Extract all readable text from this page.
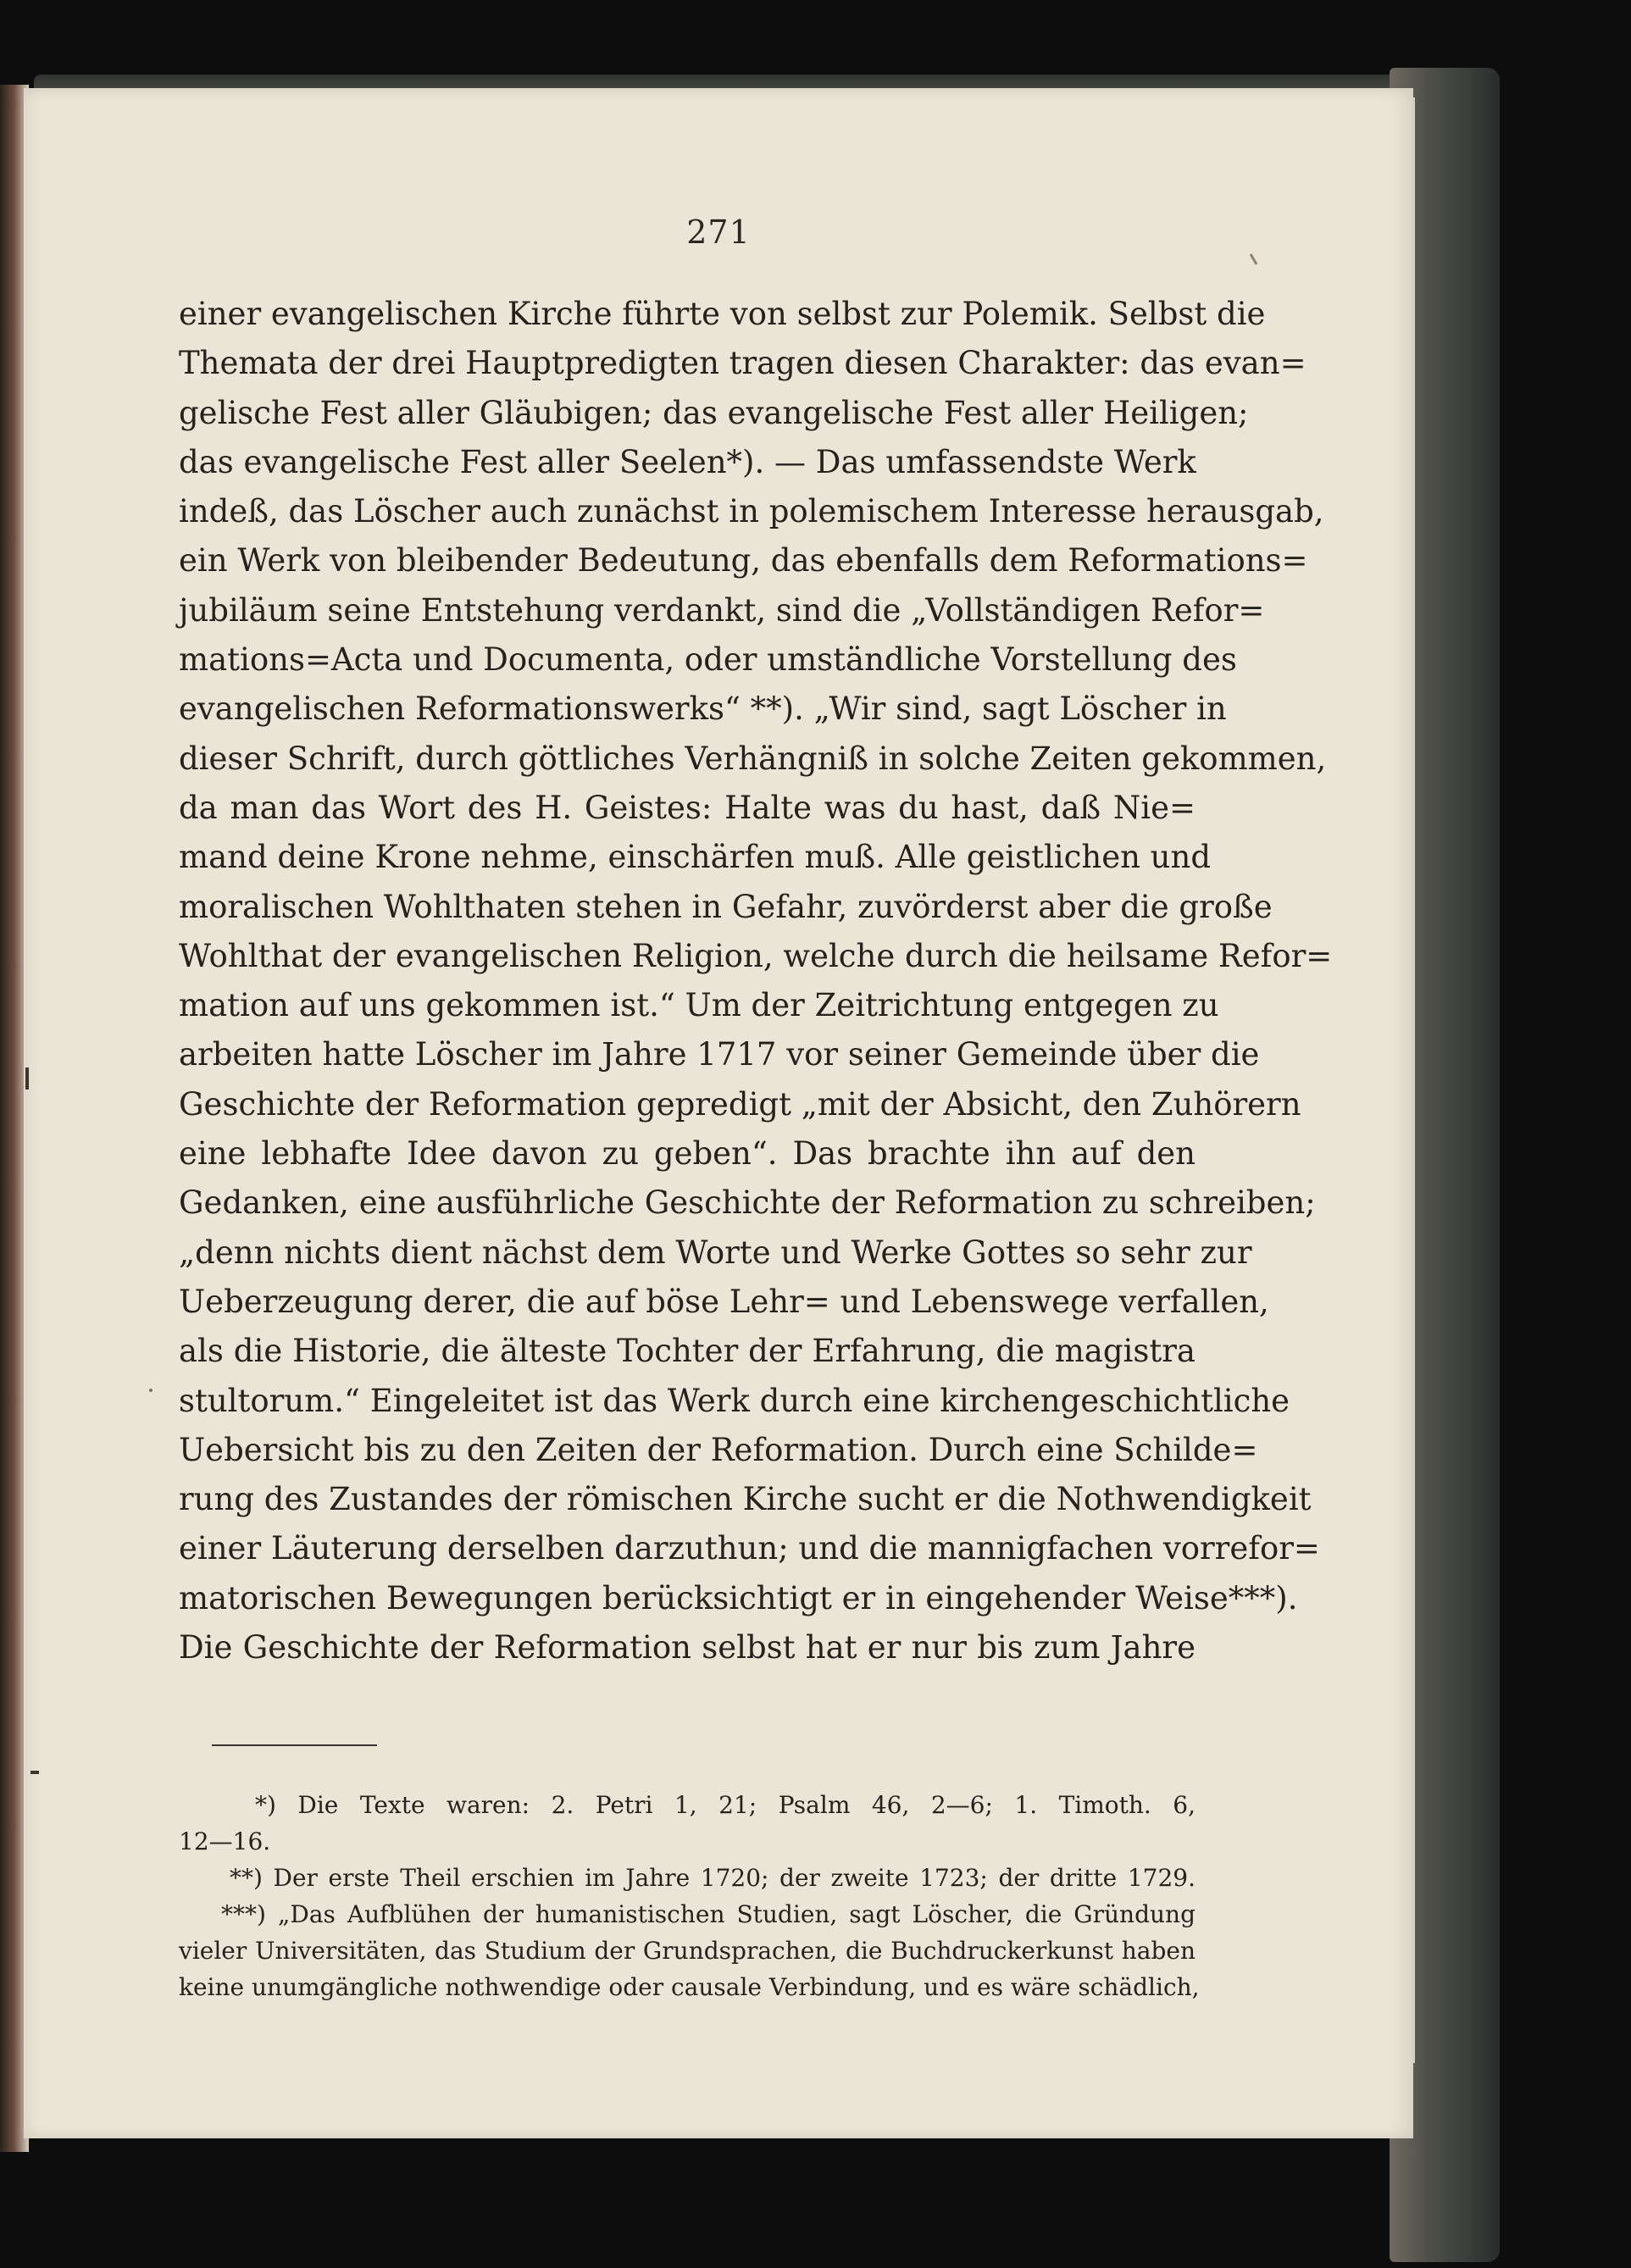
271
einer evangelischen Kirche führte von selbst zur Polemik. Selbst die
Themata der drei Hauptpredigten tragen diesen Charakter: das evan=
gelische Fest aller Gläubigen; das evangelische Fest aller Heiligen;
das evangelische Fest aller Seelen*). — Das umfassendste Werk
indeß, das Löscher auch zunächst in polemischem Interesse herausgab,
ein Werk von bleibender Bedeutung, das ebenfalls dem Reformations=
jubiläum seine Entstehung verdankt, sind die „Vollständigen Refor=
mations=Acta und Documenta, oder umständliche Vorstellung des
evangelischen Reformationswerks“ **). „Wir sind, sagt Löscher in
dieser Schrift, durch göttliches Verhängniß in solche Zeiten gekommen,
da man das Wort des H. Geistes: Halte was du hast, daß Nie=
mand deine Krone nehme, einschärfen muß. Alle geistlichen und
moralischen Wohlthaten stehen in Gefahr, zuvörderst aber die große
Wohlthat der evangelischen Religion, welche durch die heilsame Refor=
mation auf uns gekommen ist.“ Um der Zeitrichtung entgegen zu
arbeiten hatte Löscher im Jahre 1717 vor seiner Gemeinde über die
Geschichte der Reformation gepredigt „mit der Absicht, den Zuhörern
eine lebhafte Idee davon zu geben“. Das brachte ihn auf den
Gedanken, eine ausführliche Geschichte der Reformation zu schreiben;
„denn nichts dient nächst dem Worte und Werke Gottes so sehr zur
Ueberzeugung derer, die auf böse Lehr= und Lebenswege verfallen,
als die Historie, die älteste Tochter der Erfahrung, die magistra
stultorum.“ Eingeleitet ist das Werk durch eine kirchengeschichtliche
Uebersicht bis zu den Zeiten der Reformation. Durch eine Schilde=
rung des Zustandes der römischen Kirche sucht er die Nothwendigkeit
einer Läuterung derselben darzuthun; und die mannigfachen vorrefor=
matorischen Bewegungen berücksichtigt er in eingehender Weise***).
Die Geschichte der Reformation selbst hat er nur bis zum Jahre
*) Die Texte waren: 2. Petri 1, 21; Psalm 46, 2—6; 1. Timoth. 6,
12—16.
**) Der erste Theil erschien im Jahre 1720; der zweite 1723; der dritte 1729.
***) „Das Aufblühen der humanistischen Studien, sagt Löscher, die Gründung
vieler Universitäten, das Studium der Grundsprachen, die Buchdruckerkunst haben
keine unumgängliche nothwendige oder causale Verbindung, und es wäre schädlich,
